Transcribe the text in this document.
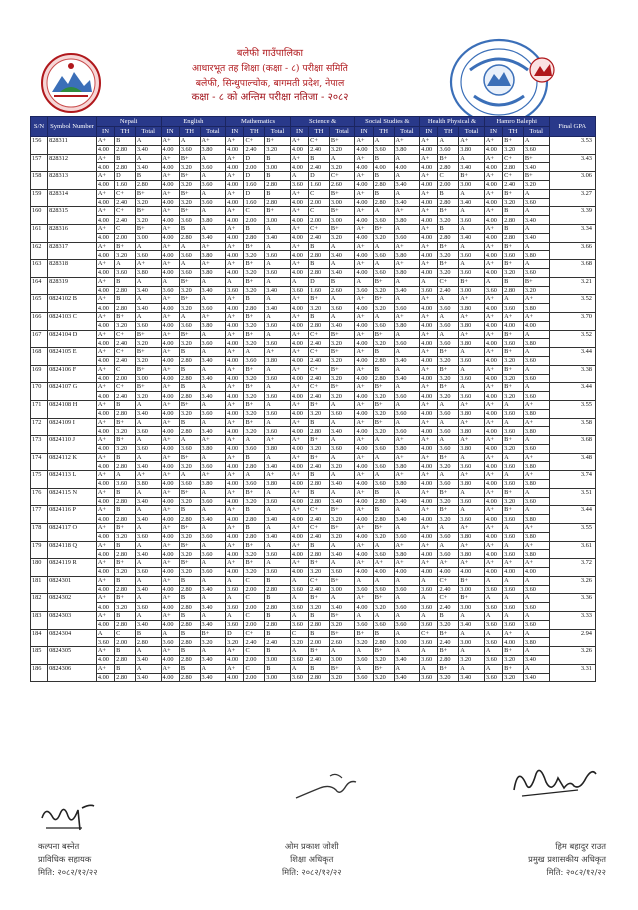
बलेफी गाउँपालिका
आधारभूत तह शिक्षा (कक्षा - ८) परीक्षा समिति
बलेफी, सिन्धुपाल्चोक, बागमती प्रदेश, नेपाल
कक्षा - ८ को अन्तिम परीक्षा नतिजा - २०८२
S/N	Symbol Number	Nepali			English			Mathematics			Science &			Social Studies &			Health Physical &			Hamro Balephi			Final GPA
		IN	TH	Total	IN	TH	Total	IN	TH	Total	IN	TH	Total	IN	TH	Total	IN	TH	Total	IN	TH	Total	
156	828311	A+	B	A	A+	A	A+	A+	C+	B+	A+	C+	B+	A+	A	A+	A+	A	A+	A+	B+	A	3.53
		4.00	2.80	3.40	4.00	3.60	3.80	4.00	2.40	3.20	4.00	2.40	3.20	4.00	3.60	3.80	4.00	3.60	3.80	4.00	3.20	3.60	
157	828312	A+	B	A	A+	B+	A	A+	D	B	A+	B	A	A+	B	A	A+	B+	A	A+	C+	B+	3.43
		4.00	2.80	3.40	4.00	3.20	3.60	4.00	2.00	3.00	4.00	2.40	3.20	4.00	4.00	4.00	4.00	2.80	3.40	4.00	2.80	3.40	
158	828313	A+	D	B	A+	B+	A	A+	D	B	A	D	C+	A+	B	A	A+	C	B+	A+	C+	B+	3.06
		4.00	1.60	2.80	4.00	3.20	3.60	4.00	1.60	2.80	3.60	1.60	2.60	4.00	2.80	3.40	4.00	2.00	3.00	4.00	2.40	3.20	
159	828314	A+	C+	B+	A+	B+	A	A+	D	B	A+	C	B+	A+	B	A	A+	B	A	A+	B+	A	3.27
		4.00	2.40	3.20	4.00	3.20	3.60	4.00	1.60	2.80	4.00	2.00	3.00	4.00	2.80	3.40	4.00	2.80	3.40	4.00	3.20	3.60	
160	828315	A+	C+	B+	A+	B+	A	A+	C	B+	A+	C	B+	A+	A	A+	A+	B+	A	A+	B	A	3.39
		4.00	2.40	3.20	4.00	3.60	3.80	4.00	2.00	3.00	4.00	2.00	3.00	4.00	3.60	3.80	4.00	3.20	3.60	4.00	2.80	3.40	
161	828316	A+	C	B+	A+	B	A	A+	B	A	A+	C+	B+	A+	B+	A	A+	B	A	A+	B	A	3.34
		4.00	2.00	3.00	4.00	2.80	3.40	4.00	2.80	3.40	4.00	2.40	3.20	4.00	3.20	3.60	4.00	2.80	3.40	4.00	2.80	3.40	
162	828317	A+	B+	A	A+	A	A+	A+	B+	A	A+	B	A	A+	A	A+	A+	B+	A	A+	B+	A	3.66
		4.00	3.20	3.60	4.00	3.60	3.80	4.00	3.20	3.60	4.00	2.80	3.40	4.00	3.60	3.80	4.00	3.20	3.60	4.00	3.60	3.80	
163	828318	A+	A	A+	A+	A	A+	A+	B+	A	A+	B	A	A+	A	A+	A+	B+	A	A+	B+	A	3.68
		4.00	3.60	3.80	4.00	3.60	3.80	4.00	3.20	3.60	4.00	2.80	3.40	4.00	3.60	3.80	4.00	3.20	3.60	4.00	3.20	3.60	
164	828319	A+	B	A	A	B+	A	A	B+	A	A	D	B	A	B+	A	A	C+	B+	A	B	B+	3.21
		4.00	2.80	3.40	3.60	3.20	3.40	3.60	3.20	3.40	3.60	1.60	2.60	3.60	3.20	3.40	3.60	2.40	3.00	3.60	2.80	3.20	
165	0824102 B	A+	B	A	A+	B+	A	A+	B	A	A+	B+	A	A+	B+	A	A+	A	A+	A+	A	A+	3.52
		4.00	2.80	3.40	4.00	3.20	3.60	4.00	2.80	3.40	4.00	3.20	3.60	4.00	3.20	3.60	4.00	3.60	3.80	4.00	3.60	3.80	
166	0824103 C	A+	B+	A	A+	A	A+	A+	B+	A	A+	B	A	A+	A	A+	A+	A	A+	A+	A+	A+	3.70
		4.00	3.20	3.60	4.00	3.60	3.80	4.00	3.20	3.60	4.00	2.80	3.40	4.00	3.60	3.80	4.00	3.60	3.80	4.00	4.00	4.00	
167	0824104 D	A+	C+	B+	A+	B+	A	A+	B+	A	A+	C+	B+	A+	B+	A	A+	A	A+	A+	B+	A	3.52
		4.00	2.40	3.20	4.00	3.20	3.60	4.00	3.20	3.60	4.00	2.40	3.20	4.00	3.20	3.60	4.00	3.60	3.80	4.00	3.60	3.80	
168	0824105 E	A+	C+	B+	A+	B	A	A+	A	A+	A+	C+	B+	A+	B	A	A+	B+	A	A+	B+	A	3.44
		4.00	2.40	3.20	4.00	2.80	3.40	4.00	3.60	3.80	4.00	2.40	3.20	4.00	2.80	3.40	4.00	3.20	3.60	4.00	3.20	3.60	
169	0824106 F	A+	C	B+	A+	B	A	A+	B+	A	A+	C+	B+	A+	B	A	A+	B+	A	A+	B+	A	3.38
		4.00	2.00	3.00	4.00	2.80	3.40	4.00	3.20	3.60	4.00	2.40	3.20	4.00	2.80	3.40	4.00	3.20	3.60	4.00	3.20	3.60	
170	0824107 G	A+	C+	B+	A+	B	A	A+	B+	A	A+	C+	B+	A+	B+	A	A+	B+	A	A+	B+	A	3.44
		4.00	2.40	3.20	4.00	2.80	3.40	4.00	3.20	3.60	4.00	2.40	3.20	4.00	3.20	3.60	4.00	3.20	3.60	4.00	3.20	3.60	
171	0824108 H	A+	B	A	A+	B+	A	A+	B+	A	A+	B+	A	A+	B+	A	A+	A	A+	A+	A	A+	3.55
		4.00	2.80	3.40	4.00	3.20	3.60	4.00	3.20	3.60	4.00	3.20	3.60	4.00	3.20	3.60	4.00	3.60	3.80	4.00	3.60	3.80	
172	0824109 I	A+	B+	A	A+	B	A	A+	B+	A	A+	B	A	A+	B+	A	A+	A	A+	A+	A	A+	3.58
		4.00	3.20	3.60	4.00	2.80	3.40	4.00	3.20	3.60	4.00	2.80	3.40	4.00	3.20	3.60	4.00	3.60	3.80	4.00	3.60	3.80	
173	0824110 J	A+	B+	A	A+	A	A+	A+	A	A+	A+	B+	A	A+	A	A+	A+	A	A+	A+	B+	A	3.68
		4.00	3.20	3.60	4.00	3.60	3.80	4.00	3.60	3.80	4.00	3.20	3.60	4.00	3.60	3.80	4.00	3.60	3.80	4.00	3.20	3.60	
174	0824112 K	A+	B	A	A+	B+	A	A+	B	A	A+	B+	A	A+	A	A+	A+	B+	A	A+	A	A+	3.48
		4.00	2.80	3.40	4.00	3.20	3.60	4.00	2.80	3.40	4.00	2.40	3.20	4.00	3.60	3.80	4.00	3.20	3.60	4.00	3.60	3.80	
175	0824113 L	A+	A	A+	A+	A	A+	A+	A	A+	A+	B	A	A+	A	A+	A+	A	A+	A+	A	A+	3.74
		4.00	3.60	3.80	4.00	3.60	3.80	4.00	3.60	3.80	4.00	2.80	3.40	4.00	3.60	3.80	4.00	3.60	3.80	4.00	3.60	3.80	
176	0824115 N	A+	B	A	A+	B+	A	A+	B+	A	A+	B	A	A+	B	A	A+	B+	A	A+	B+	A	3.51
		4.00	2.80	3.40	4.00	3.20	3.60	4.00	3.20	3.60	4.00	2.80	3.40	4.00	2.80	3.40	4.00	3.20	3.60	4.00	3.20	3.60	
177	0824116 P	A+	B	A	A+	B	A	A+	B	A	A+	C+	B+	A+	B	A	A+	B+	A	A+	B+	A	3.44
		4.00	2.80	3.40	4.00	2.80	3.40	4.00	2.80	3.40	4.00	2.40	3.20	4.00	2.80	3.40	4.00	3.20	3.60	4.00	3.60	3.80	
178	0824117 O	A+	B+	A	A+	B+	A	A+	B	A	A+	C+	B+	A+	B+	A	A+	A	A+	A+	A	A+	3.55
		4.00	3.20	3.60	4.00	3.20	3.60	4.00	2.80	3.40	4.00	2.40	3.20	4.00	3.20	3.60	4.00	3.60	3.80	4.00	3.60	3.80	
179	0824118 Q	A+	B	A	A+	B+	A	A+	B+	A	A+	B	A	A+	A	A+	A+	A	A+	A+	A	A+	3.61
		4.00	2.80	3.40	4.00	3.20	3.60	4.00	3.20	3.60	4.00	2.80	3.40	4.00	3.60	3.80	4.00	3.60	3.80	4.00	3.60	3.80	
180	0824119 R	A+	B+	A	A+	B+	A	A+	B+	A	A+	B+	A	A+	A+	A+	A+	A+	A+	A+	A+	A+	3.72
		4.00	3.20	3.60	4.00	3.20	3.60	4.00	3.20	3.60	4.00	3.20	3.60	4.00	4.00	4.00	4.00	4.00	4.00	4.00	4.00	4.00	
181	0824301	A+	B	A	A+	B	A	A	C	B	A	C+	B+	A	A	A	A	C+	B+	A	A	A	3.26
		4.00	2.80	3.40	4.00	2.80	3.40	3.60	2.00	2.80	3.60	2.40	3.00	3.60	3.60	3.60	3.60	2.40	3.00	3.60	3.60	3.60	
182	0824302	A+	B+	A	A+	B	A	A	C	B	A	B+	A	A+	B+	A	A	C+	B+	A	A	A	3.36
		4.00	3.20	3.60	4.00	2.80	3.40	3.60	2.00	2.80	3.60	3.20	3.40	4.00	3.20	3.60	3.60	2.40	3.00	3.60	3.60	3.60	
183	0824303	A+	B	A	A+	B	A	A	C	B	A	B	B+	A	A	A	A	B	A	A	A	A	3.33
		4.00	2.80	3.40	4.00	2.80	3.40	3.60	2.00	2.80	3.60	2.80	3.20	3.60	3.60	3.60	3.60	3.20	3.40	3.60	3.60	3.60	
184	0824304	A	C	B	A	B	B+	D	C+	B	C	B	B+	B+	B	A	C+	B+	A	A	A+	A	2.94
		3.60	2.00	2.80	3.60	2.80	3.20	3.20	2.40	2.40	3.20	2.00	2.60	3.20	2.80	3.00	3.60	2.40	3.00	3.60	4.00	3.80	
185	0824305	A+	B	A	A+	B	A	A+	C	B	A	B+	A	A	B+	A	A	B+	A	A	B+	A	3.26
		4.00	2.80	3.40	4.00	2.80	3.40	4.00	2.00	3.00	3.60	2.40	3.00	3.60	3.20	3.40	3.60	2.80	3.20	3.60	3.20	3.40	
186	0824306	A+	B	A	A+	B	A	A+	C	B	A	B	B+	A	B+	A	A	B+	A	A	B+	A	3.31
		4.00	2.80	3.40	4.00	2.80	3.40	4.00	2.00	3.00	3.60	2.80	3.20	3.60	3.20	3.40	3.60	3.20	3.40	3.60	3.20	3.40	
कल्पना बस्नेत
प्राविधिक सहायक
मिति: २०८२/१२/२२
ओम प्रकाश जोशी
शिक्षा अधिकृत
मिति: २०८२/१२/२२
हिम बहादुर राउत
प्रमुख प्रशासकीय अधिकृत
मिति: २०८२/१२/२२
